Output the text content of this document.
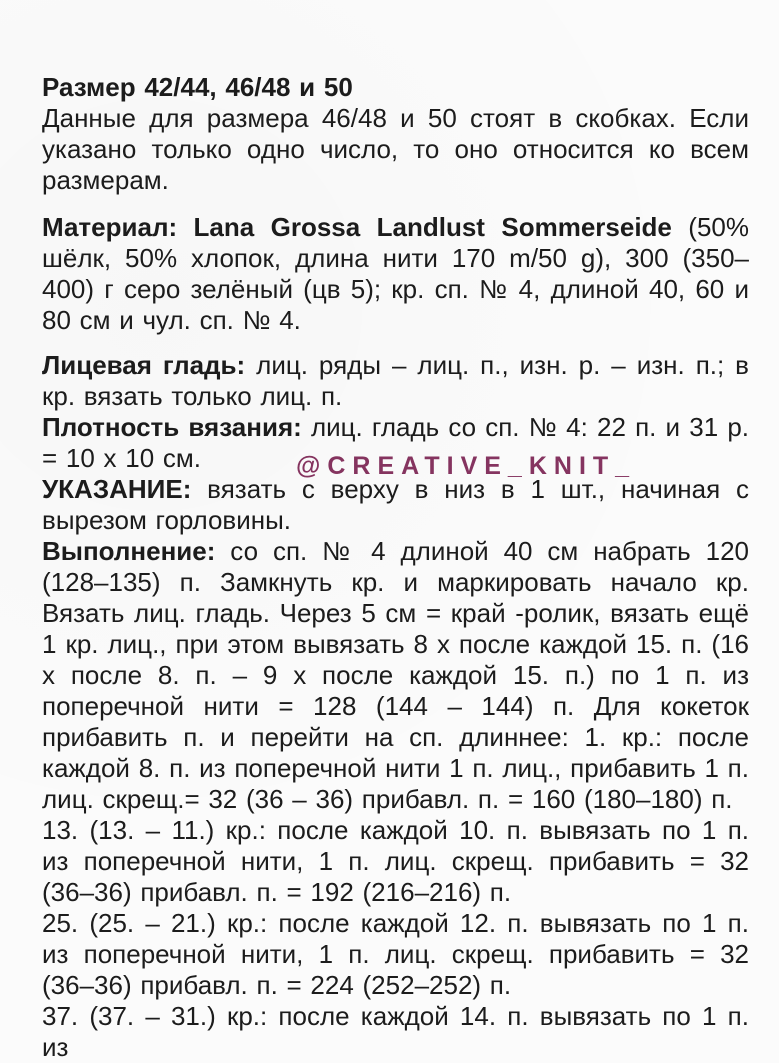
Размер 42/44, 46/48 и 50

Данные для размера 46/48 и 50 стоят в скобках. Если указано только одно число, то оно относится ко всем размерам.

Материал: Lana Grossa Landlust Sommerseide (50% шёлк, 50% хлопок, длина нити 170 m/50 g), 300 (350–400) г серо зелёный (цв 5); кр. сп. № 4, длиной 40, 60 и 80 см и чул. сп. № 4.

Лицевая гладь: лиц. ряды – лиц. п., изн. р. – изн. п.; в кр. вязать только лиц. п.

Плотность вязания: лиц. гладь со сп. № 4: 22 п. и 31 р. = 10 х 10 см.

УКАЗАНИЕ: вязать с верху в низ в 1 шт., начиная с вырезом горловины.

Выполнение: со сп. № 4 длиной 40 см набрать 120 (128–135) п. Замкнуть кр. и маркировать начало кр. Вязать лиц. гладь. Через 5 см = край -ролик, вязать ещё 1 кр. лиц., при этом вывязать 8 х после каждой 15. п. (16 х после 8. п. – 9 х после каждой 15. п.) по 1 п. из поперечной нити = 128 (144 – 144) п. Для кокеток прибавить п. и перейти на сп. длиннее: 1. кр.: после каждой 8. п. из поперечной нити 1 п. лиц., прибавить 1 п. лиц. скрещ.= 32 (36 – 36) прибавл. п. = 160 (180–180) п.

13. (13. – 11.) кр.: после каждой 10. п. вывязать по 1 п. из поперечной нити, 1 п. лиц. скрещ. прибавить = 32 (36–36) прибавл. п. = 192 (216–216) п.

25. (25. – 21.) кр.: после каждой 12. п. вывязать по 1 п. из поперечной нити, 1 п. лиц. скрещ. прибавить = 32 (36–36) прибавл. п. = 224 (252–252) п.

37. (37. – 31.) кр.: после каждой 14. п. вывязать по 1 п. из

@CREATIVE_KNIT_
